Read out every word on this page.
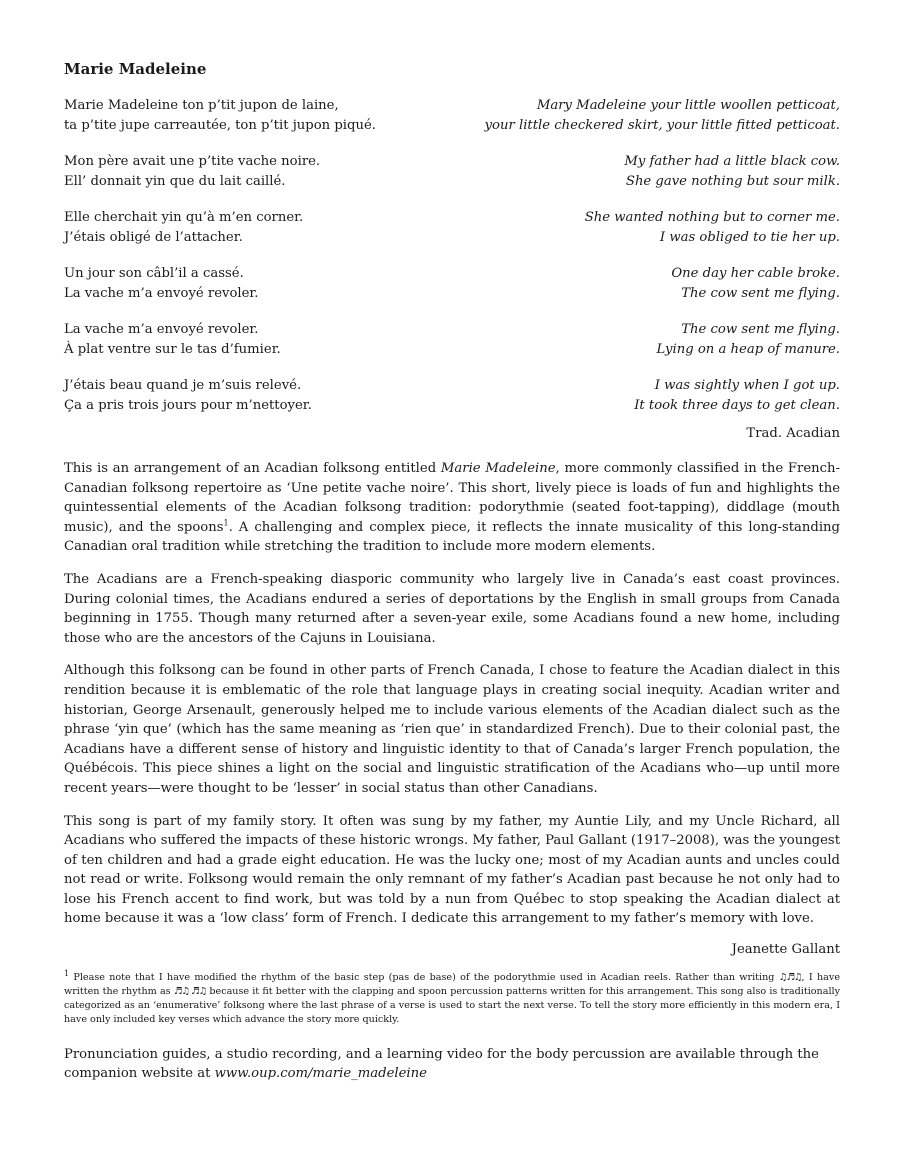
Marie Madeleine
Marie Madeleine ton p’tit jupon de laine,
ta p’tite jupe carreautée, ton p’tit jupon piqué.
Mary Madeleine your little woollen petticoat,
your little checkered skirt, your little fitted petticoat.
Mon père avait une p’tite vache noire.
Ell’ donnait yin que du lait caillé.
My father had a little black cow.
She gave nothing but sour milk.
Elle cherchait yin qu’à m’en corner.
J’étais obligé de l’attacher.
She wanted nothing but to corner me.
I was obliged to tie her up.
Un jour son câbl’il a cassé.
La vache m’a envoyé revoler.
One day her cable broke.
The cow sent me flying.
La vache m’a envoyé revoler.
À plat ventre sur le tas d’fumier.
The cow sent me flying.
Lying on a heap of manure.
J’étais beau quand je m’suis relevé.
Ça a pris trois jours pour m’nettoyer.
I was sightly when I got up.
It took three days to get clean.
Trad. Acadian

This is an arrangement of an Acadian folksong entitled Marie Madeleine, more commonly classified in the French-Canadian folksong repertoire as ‘Une petite vache noire’. This short, lively piece is loads of fun and highlights the quintessential elements of the Acadian folksong tradition: podorythmie (seated foot-tapping), diddlage (mouth music), and the spoons$^1$. A challenging and complex piece, it reflects the innate musicality of this long-standing Canadian oral tradition while stretching the tradition to include more modern elements.

The Acadians are a French-speaking diasporic community who largely live in Canada’s east coast provinces. During colonial times, the Acadians endured a series of deportations by the English in small groups from Canada beginning in 1755. Though many returned after a seven-year exile, some Acadians found a new home, including those who are the ancestors of the Cajuns in Louisiana.

Although this folksong can be found in other parts of French Canada, I chose to feature the Acadian dialect in this rendition because it is emblematic of the role that language plays in creating social inequity. Acadian writer and historian, George Arsenault, generously helped me to include various elements of the Acadian dialect such as the phrase ‘yin que’ (which has the same meaning as ‘rien que’ in standardized French). Due to their colonial past, the Acadians have a different sense of history and linguistic identity to that of Canada’s larger French population, the Québécois. This piece shines a light on the social and linguistic stratification of the Acadians who—up until more recent years—were thought to be ‘lesser’ in social status than other Canadians.

This song is part of my family story. It often was sung by my father, my Auntie Lily, and my Uncle Richard, all Acadians who suffered the impacts of these historic wrongs. My father, Paul Gallant (1917–2008), was the youngest of ten children and had a grade eight education. He was the lucky one; most of my Acadian aunts and uncles could not read or write. Folksong would remain the only remnant of my father’s Acadian past because he not only had to lose his French accent to find work, but was told by a nun from Québec to stop speaking the Acadian dialect at home because it was a ‘low class’ form of French. I dedicate this arrangement to my father’s memory with love.

Jeanette Gallant

$^1$ Please note that I have modified the rhythm of the basic step (pas de base) of the podorythmie used in Acadian reels. Rather than writing ♫♬♫, I have written the rhythm as ♬♫ ♬♫ because it fit better with the clapping and spoon percussion patterns written for this arrangement. This song also is traditionally categorized as an ‘enumerative’ folksong where the last phrase of a verse is used to start the next verse. To tell the story more efficiently in this modern era, I have only included key verses which advance the story more quickly.

Pronunciation guides, a studio recording, and a learning video for the body percussion are available through the companion website at www.oup.com/marie_madeleine
